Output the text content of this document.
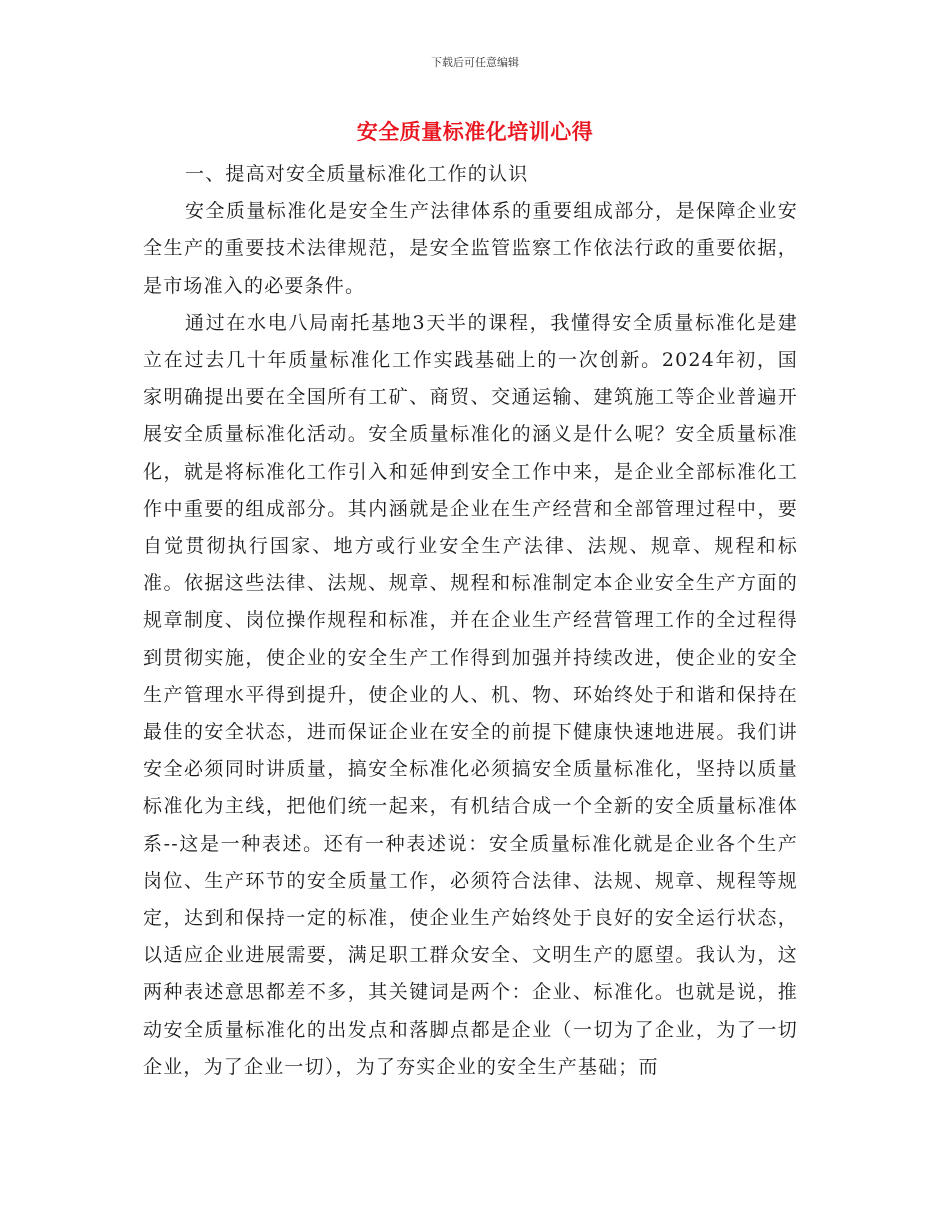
下载后可任意编辑
安全质量标准化培训心得

一、提高对安全质量标准化工作的认识

安全质量标准化是安全生产法律体系的重要组成部分，是保障企业安全生产的重要技术法律规范，是安全监管监察工作依法行政的重要依据，是市场准入的必要条件。

通过在水电八局南托基地3天半的课程，我懂得安全质量标准化是建立在过去几十年质量标准化工作实践基础上的一次创新。2024年初，国家明确提出要在全国所有工矿、商贸、交通运输、建筑施工等企业普遍开展安全质量标准化活动。安全质量标准化的涵义是什么呢？安全质量标准化，就是将标准化工作引入和延伸到安全工作中来，是企业全部标准化工作中重要的组成部分。其内涵就是企业在生产经营和全部管理过程中，要自觉贯彻执行国家、地方或行业安全生产法律、法规、规章、规程和标准。依据这些法律、法规、规章、规程和标准制定本企业安全生产方面的规章制度、岗位操作规程和标准，并在企业生产经营管理工作的全过程得到贯彻实施，使企业的安全生产工作得到加强并持续改进，使企业的安全生产管理水平得到提升，使企业的人、机、物、环始终处于和谐和保持在最佳的安全状态，进而保证企业在安全的前提下健康快速地进展。我们讲安全必须同时讲质量，搞安全标准化必须搞安全质量标准化，坚持以质量标准化为主线，把他们统一起来，有机结合成一个全新的安全质量标准体系--这是一种表述。还有一种表述说：安全质量标准化就是企业各个生产岗位、生产环节的安全质量工作，必须符合法律、法规、规章、规程等规定，达到和保持一定的标准，使企业生产始终处于良好的安全运行状态，以适应企业进展需要，满足职工群众安全、文明生产的愿望。我认为，这两种表述意思都差不多，其关键词是两个：企业、标准化。也就是说，推动安全质量标准化的出发点和落脚点都是企业（一切为了企业，为了一切企业，为了企业一切），为了夯实企业的安全生产基础；而
